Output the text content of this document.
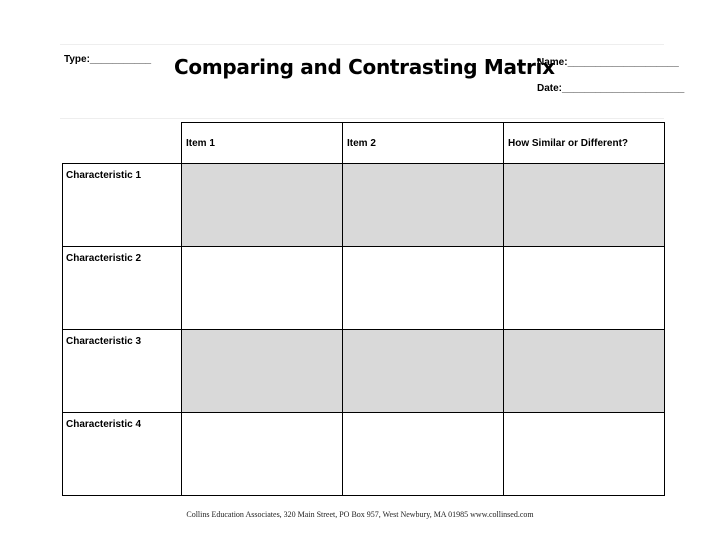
Type:___________ Comparing and Contrasting Matrix
Name:____________________
Date:______________________

	Item 1	Item 2	How Similar or Different?

Characteristic 1			

Characteristic 2			

Characteristic 3			

Characteristic 4			

Collins Education Associates, 320 Main Street, PO Box 957, West Newbury, MA 01985 www.collinsed.com
